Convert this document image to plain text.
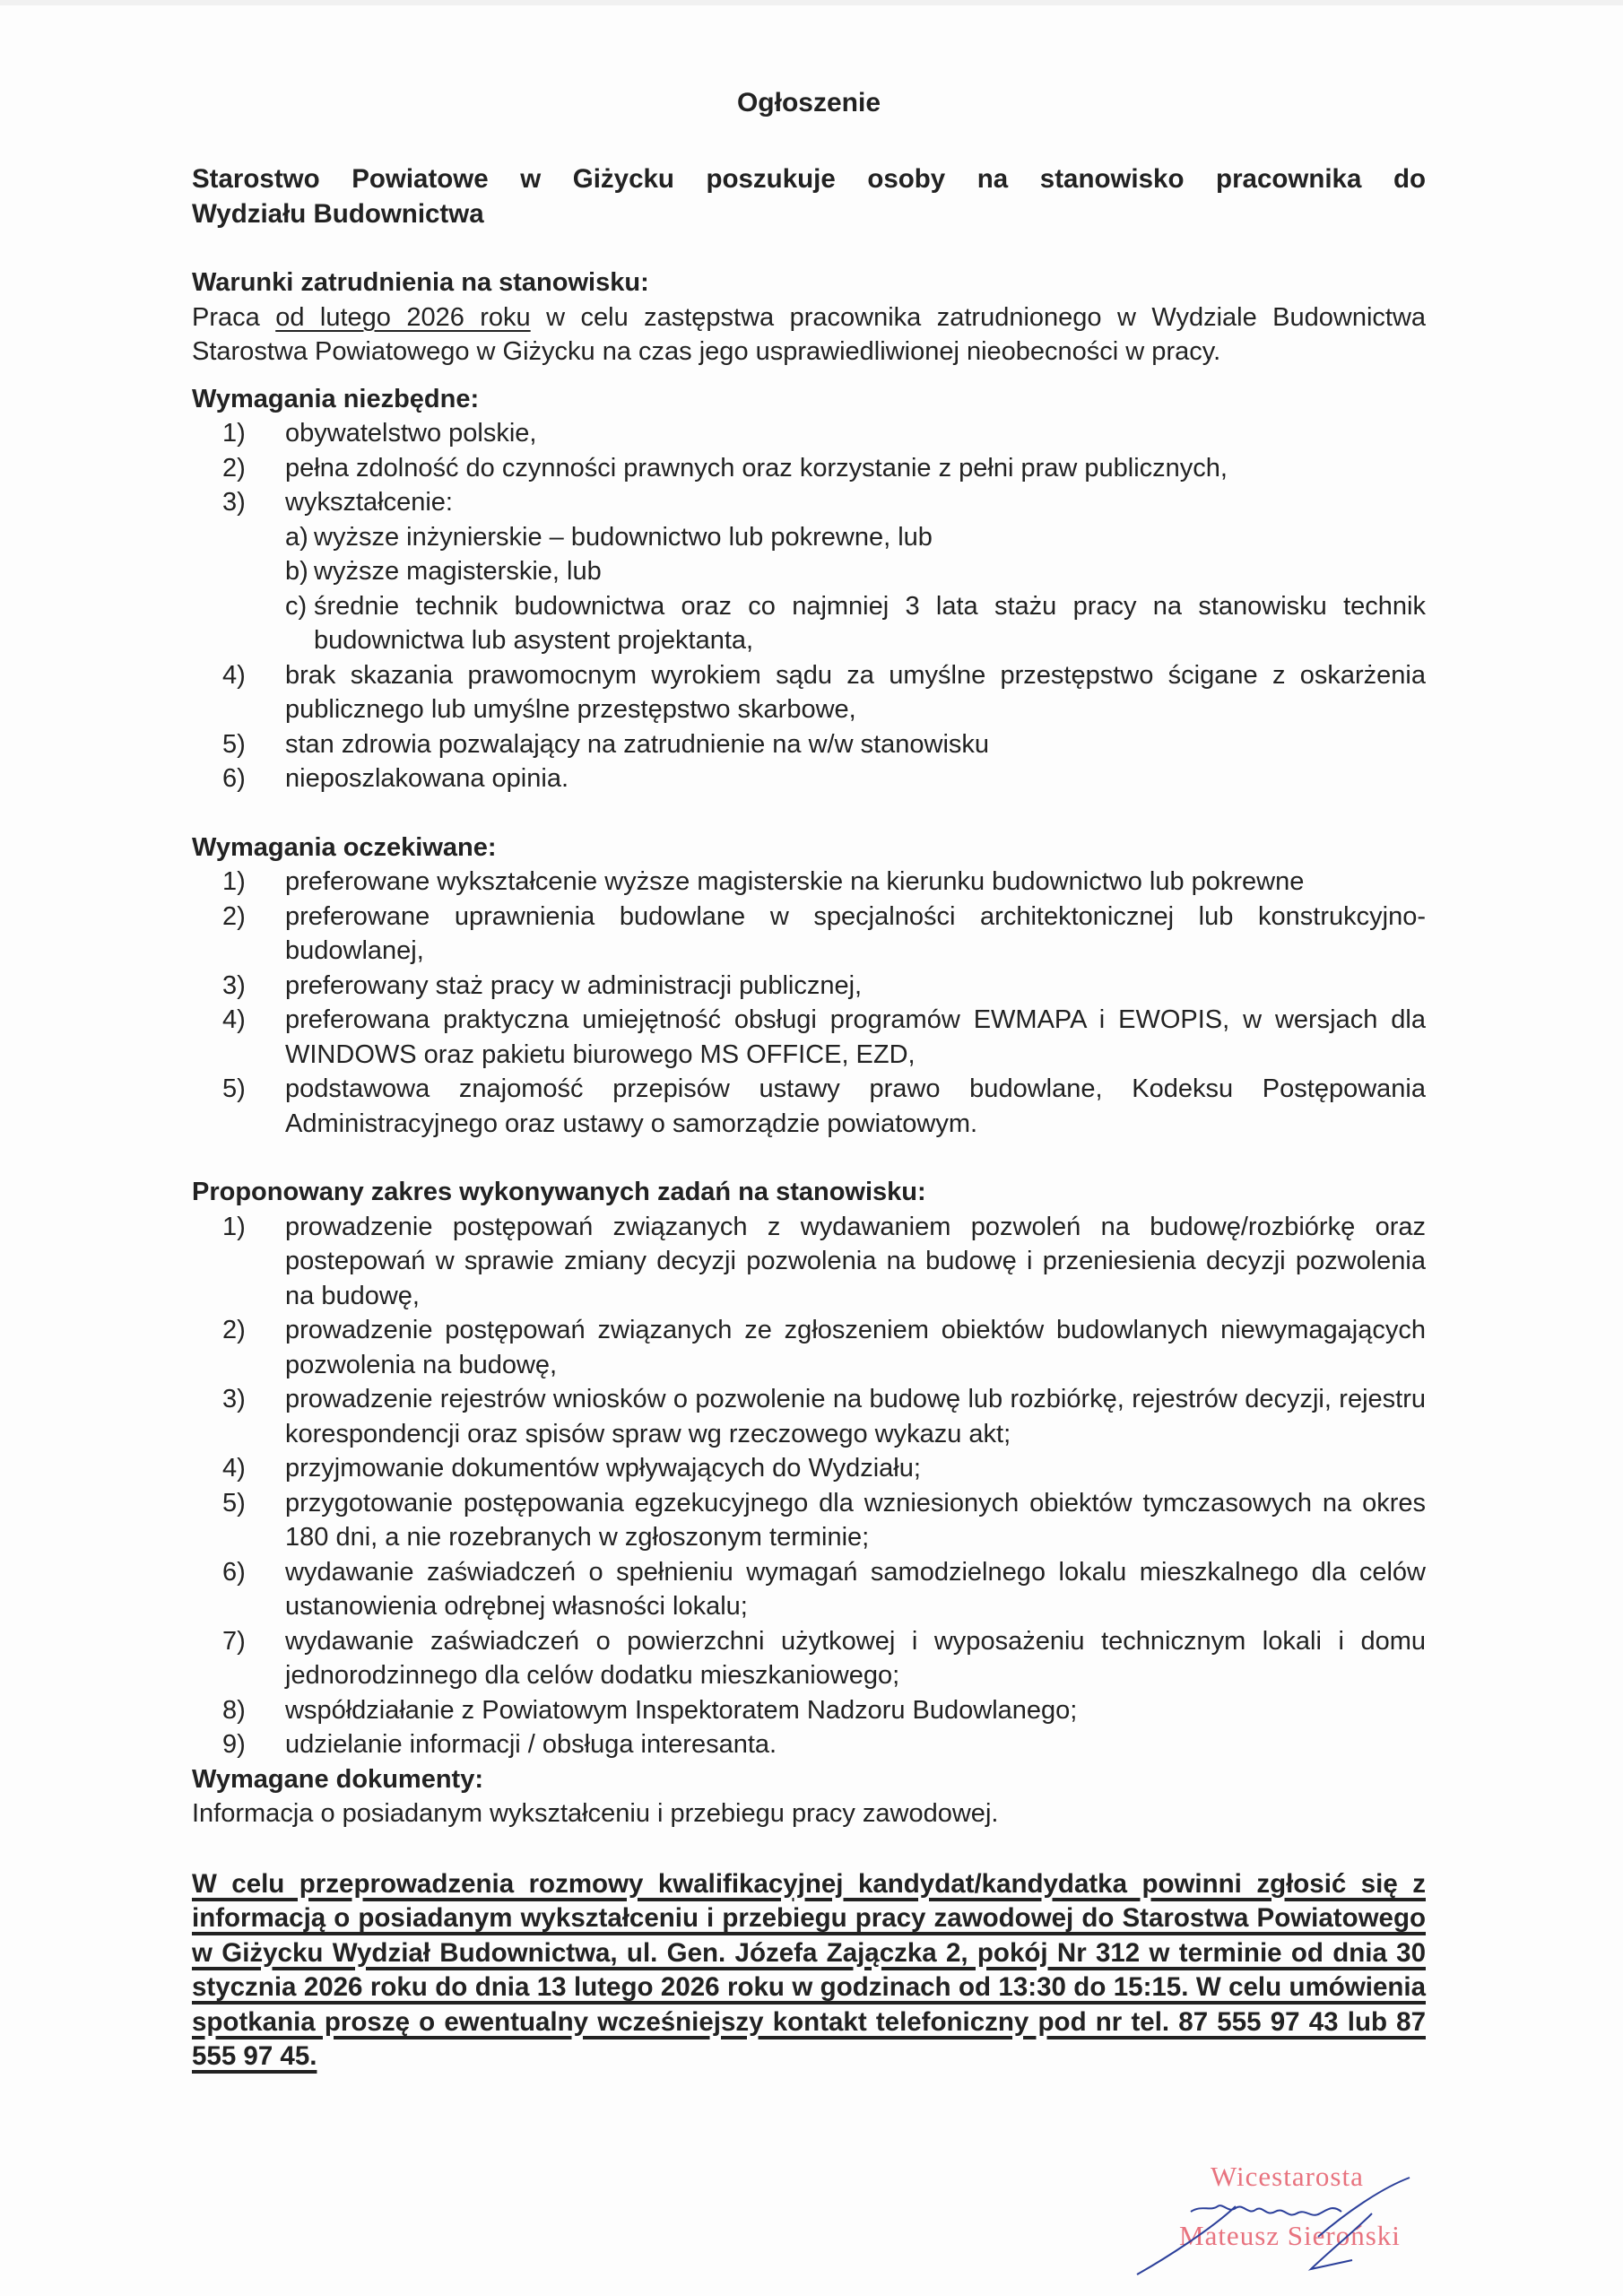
Ogłoszenie
Starostwo Powiatowe w Giżycku poszukuje osoby na stanowisko pracownika do
Wydziału Budownictwa

Warunki zatrudnienia na stanowisku:

Praca od lutego 2026 roku w celu zastępstwa pracownika zatrudnionego w Wydziale Budownictwa Starostwa Powiatowego w Giżycku na czas jego usprawiedliwionej nieobecności w pracy.

Wymagania niezbędne:

1) obywatelstwo polskie,
2) pełna zdolność do czynności prawnych oraz korzystanie z pełni praw publicznych,
3) wykształcenie:
a) wyższe inżynierskie – budownictwo lub pokrewne, lub
b) wyższe magisterskie, lub
c) średnie technik budownictwa oraz co najmniej 3 lata stażu pracy na stanowisku technik budownictwa lub asystent projektanta,
4) brak skazania prawomocnym wyrokiem sądu za umyślne przestępstwo ścigane z oskarżenia publicznego lub umyślne przestępstwo skarbowe,
5) stan zdrowia pozwalający na zatrudnienie na w/w stanowisku
6) nieposzlakowana opinia.

Wymagania oczekiwane:

1) preferowane wykształcenie wyższe magisterskie na kierunku budownictwo lub pokrewne
2) preferowane uprawnienia budowlane w specjalności architektonicznej lub konstrukcyjno-budowlanej,
3) preferowany staż pracy w administracji publicznej,
4) preferowana praktyczna umiejętność obsługi programów EWMAPA i EWOPIS, w wersjach dla WINDOWS oraz pakietu biurowego MS OFFICE, EZD,
5) podstawowa znajomość przepisów ustawy prawo budowlane, Kodeksu Postępowania Administracyjnego oraz ustawy o samorządzie powiatowym.

Proponowany zakres wykonywanych zadań na stanowisku:

1) prowadzenie postępowań związanych z wydawaniem pozwoleń na budowę/rozbiórkę oraz postepowań w sprawie zmiany decyzji pozwolenia na budowę i przeniesienia decyzji pozwolenia na budowę,
2) prowadzenie postępowań związanych ze zgłoszeniem obiektów budowlanych niewymagających pozwolenia na budowę,
3) prowadzenie rejestrów wniosków o pozwolenie na budowę lub rozbiórkę, rejestrów decyzji, rejestru korespondencji oraz spisów spraw wg rzeczowego wykazu akt;
4) przyjmowanie dokumentów wpływających do Wydziału;
5) przygotowanie postępowania egzekucyjnego dla wzniesionych obiektów tymczasowych na okres 180 dni, a nie rozebranych w zgłoszonym terminie;
6) wydawanie zaświadczeń o spełnieniu wymagań samodzielnego lokalu mieszkalnego dla celów ustanowienia odrębnej własności lokalu;
7) wydawanie zaświadczeń o powierzchni użytkowej i wyposażeniu technicznym lokali i domu jednorodzinnego dla celów dodatku mieszkaniowego;
8) współdziałanie z Powiatowym Inspektoratem Nadzoru Budowlanego;
9) udzielanie informacji / obsługa interesanta.

Wymagane dokumenty:

Informacja o posiadanym wykształceniu i przebiegu pracy zawodowej.

W celu przeprowadzenia rozmowy kwalifikacyjnej kandydat/kandydatka powinni zgłosić się z informacją o posiadanym wykształceniu i przebiegu pracy zawodowej do Starostwa Powiatowego w Giżycku Wydział Budownictwa, ul. Gen. Józefa Zajączka 2, pokój Nr 312 w terminie od dnia 30 stycznia 2026 roku do dnia 13 lutego 2026 roku w godzinach od 13:30 do 15:15. W celu umówienia spotkania proszę o ewentualny wcześniejszy kontakt telefoniczny pod nr tel. 87 555 97 43 lub 87 555 97 45.

Wicestarosta
Mateusz Sieroński
